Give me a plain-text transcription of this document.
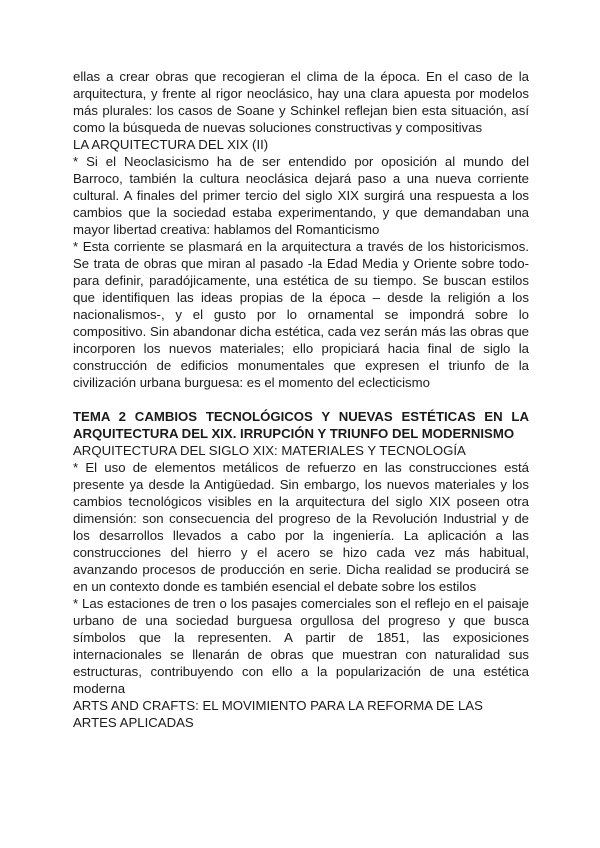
ellas a crear obras que recogieran el clima de la época. En el caso de la arquitectura, y frente al rigor neoclásico, hay una clara apuesta por modelos más plurales: los casos de Soane y Schinkel reflejan bien esta situación, así como la búsqueda de nuevas soluciones constructivas y compositivas

LA ARQUITECTURA DEL XIX (II)

* Si el Neoclasicismo ha de ser entendido por oposición al mundo del Barroco, también la cultura neoclásica dejará paso a una nueva corriente cultural. A finales del primer tercio del siglo XIX surgirá una respuesta a los cambios que la sociedad estaba experimentando, y que demandaban una mayor libertad creativa: hablamos del Romanticismo

* Esta corriente se plasmará en la arquitectura a través de los historicismos. Se trata de obras que miran al pasado -la Edad Media y Oriente sobre todo- para definir, paradójicamente, una estética de su tiempo. Se buscan estilos que identifiquen las ideas propias de la época – desde la religión a los nacionalismos-, y el gusto por lo ornamental se impondrá sobre lo compositivo. Sin abandonar dicha estética, cada vez serán más las obras que incorporen los nuevos materiales; ello propiciará hacia final de siglo la construcción de edificios monumentales que expresen el triunfo de la civilización urbana burguesa: es el momento del eclecticismo

TEMA 2 CAMBIOS TECNOLÓGICOS Y NUEVAS ESTÉTICAS EN LA ARQUITECTURA DEL XIX. IRRUPCIÓN Y TRIUNFO DEL MODERNISMO

ARQUITECTURA DEL SIGLO XIX: MATERIALES Y TECNOLOGÍA

* El uso de elementos metálicos de refuerzo en las construcciones está presente ya desde la Antigüedad. Sin embargo, los nuevos materiales y los cambios tecnológicos visibles en la arquitectura del siglo XIX poseen otra dimensión: son consecuencia del progreso de la Revolución Industrial y de los desarrollos llevados a cabo por la ingeniería. La aplicación a las construcciones del hierro y el acero se hizo cada vez más habitual, avanzando procesos de producción en serie. Dicha realidad se producirá se en un contexto donde es también esencial el debate sobre los estilos

* Las estaciones de tren o los pasajes comerciales son el reflejo en el paisaje urbano de una sociedad burguesa orgullosa del progreso y que busca símbolos que la representen. A partir de 1851, las exposiciones internacionales se llenarán de obras que muestran con naturalidad sus estructuras, contribuyendo con ello a la popularización de una estética moderna

ARTS AND CRAFTS: EL MOVIMIENTO PARA LA REFORMA DE LAS ARTES APLICADAS
